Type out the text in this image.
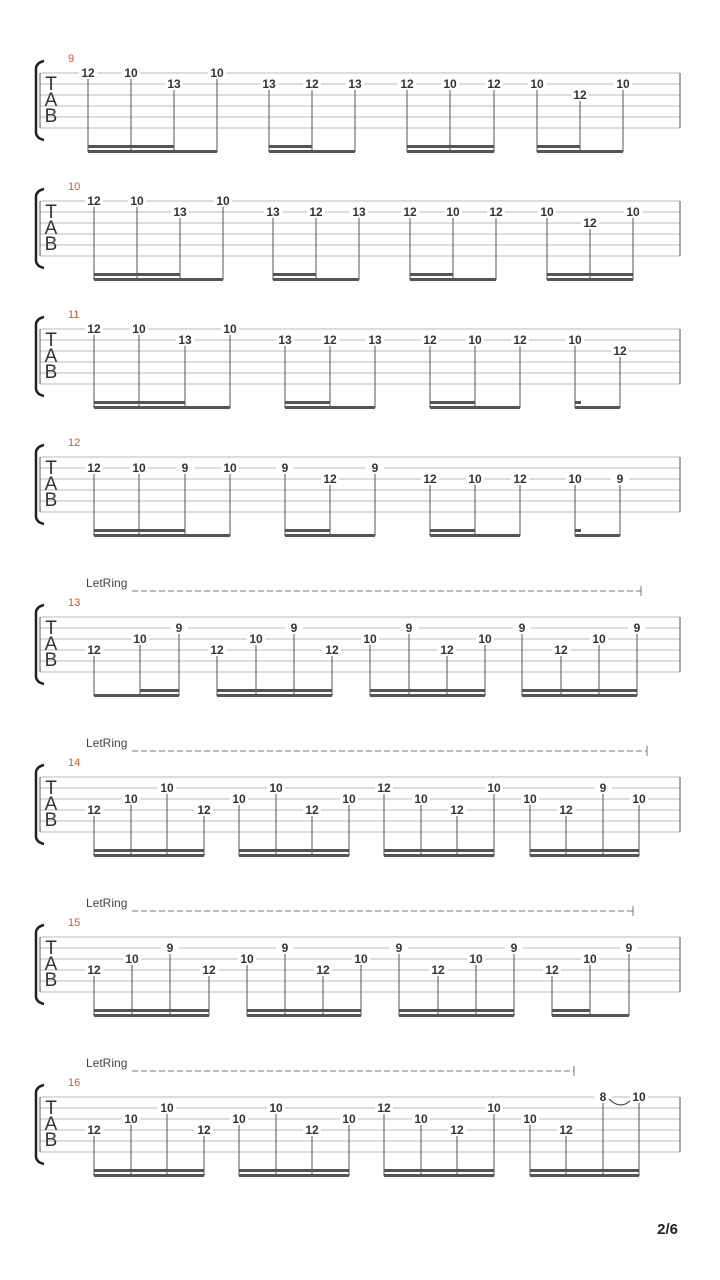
T
A
B
9
12 10
13
10
13 12 13	12 10	12 10
12
10
T
A
B
10
12 10
13
10
13 12 13	12 10 12	10
12
10
T
A
B
11
12	10
13
10
13	12	13	12	10	12	10
12
T
A
B
12
12	10	9	10	9
12
9
12	10	12	10	9
T
A
B
13
LetRing
12
10
9
12
10
9
12
10
9
12
10
9
12
10
9
T
A
B
14
LetRing
12
10
10
12
10
10
12
10
12
10
12
10
10
12
9
10
T
A
B
15
LetRing
12
10
9
12
10
9
12
10
9
12
10
9
12
10
9
T
A
B
16
LetRing
12
10
10
12
10
10
12
10
12
10
12
10
10
12
8 10
2/6
